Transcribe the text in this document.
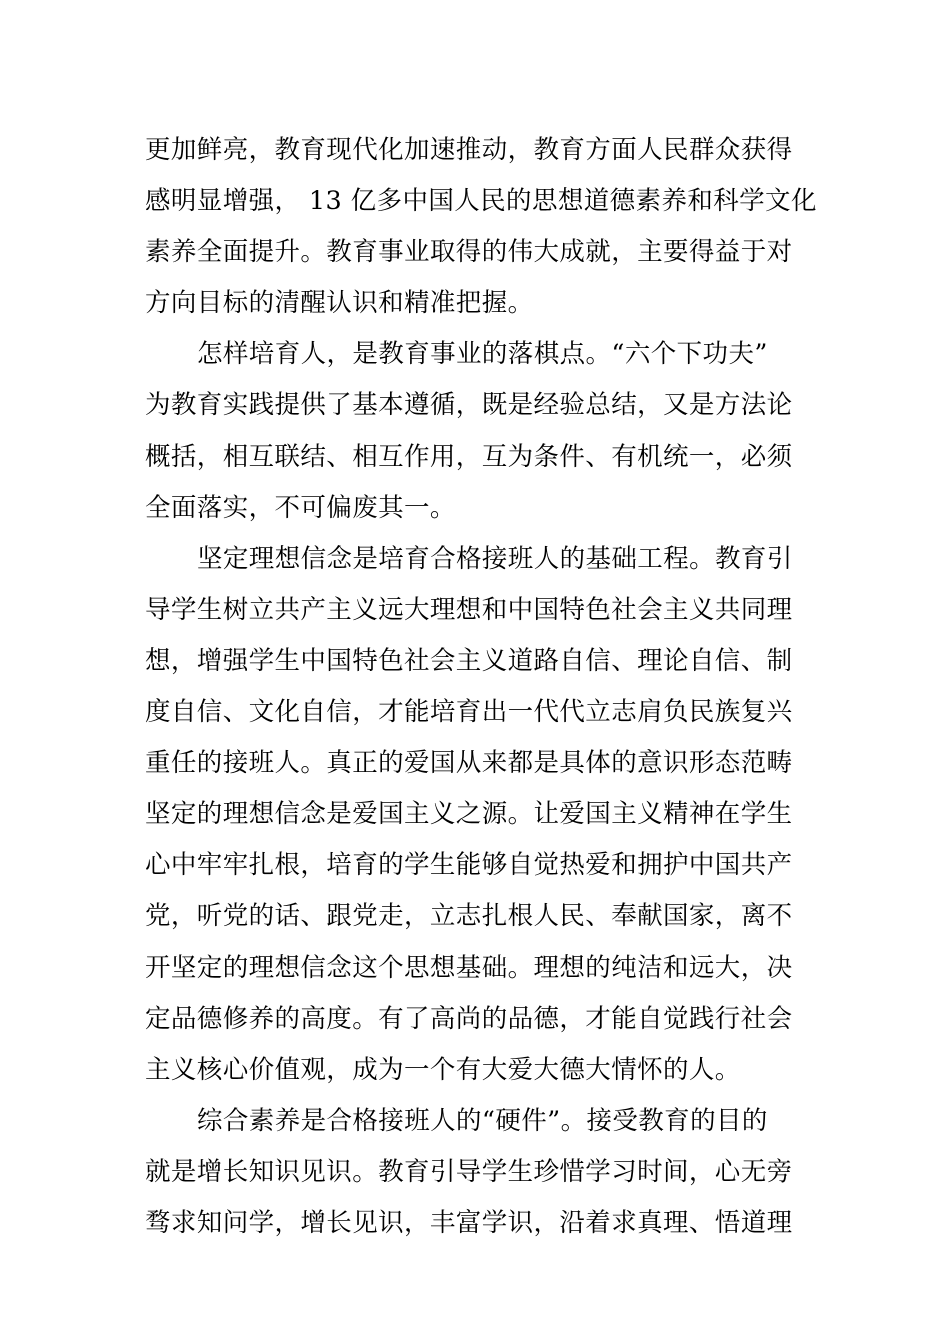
更加鲜亮，教育现代化加速推动，教育方面人民群众获得
感明显增强， 13 亿多中国人民的思想道德素养和科学文化
素养全面提升。教育事业取得的伟大成就，主要得益于对
方向目标的清醒认识和精准把握。
怎样培育人，是教育事业的落棋点。“六个下功夫”
为教育实践提供了基本遵循，既是经验总结，又是方法论
概括，相互联结、相互作用，互为条件、有机统一，必须
全面落实，不可偏废其一。
坚定理想信念是培育合格接班人的基础工程。教育引
导学生树立共产主义远大理想和中国特色社会主义共同理
想，增强学生中国特色社会主义道路自信、理论自信、制
度自信、文化自信，才能培育出一代代立志肩负民族复兴
重任的接班人。真正的爱国从来都是具体的意识形态范畴
坚定的理想信念是爱国主义之源。让爱国主义精神在学生
心中牢牢扎根，培育的学生能够自觉热爱和拥护中国共产
党，听党的话、跟党走，立志扎根人民、奉献国家，离不
开坚定的理想信念这个思想基础。理想的纯洁和远大，决
定品德修养的高度。有了高尚的品德，才能自觉践行社会
主义核心价值观，成为一个有大爱大德大情怀的人。
综合素养是合格接班人的“硬件”。接受教育的目的
就是增长知识见识。教育引导学生珍惜学习时间，心无旁
骛求知问学，增长见识，丰富学识，沿着求真理、悟道理
